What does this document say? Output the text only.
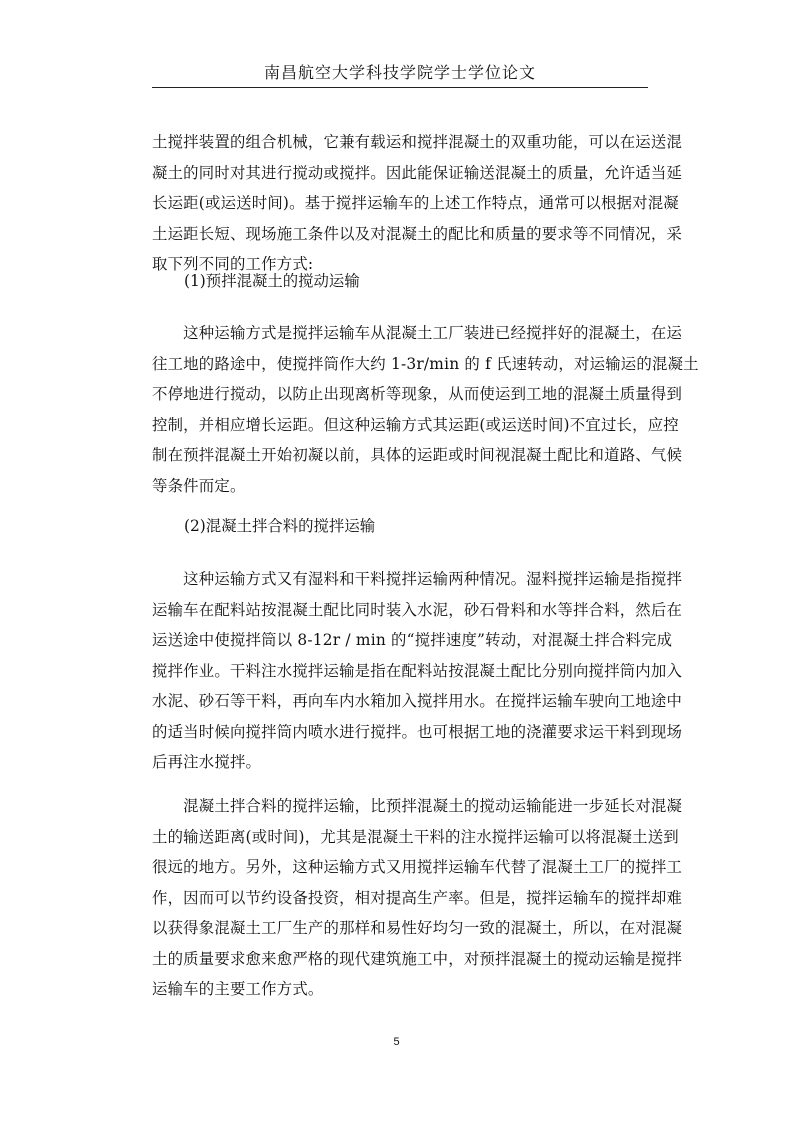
南昌航空大学科技学院学士学位论文

土搅拌装置的组合机械，它兼有载运和搅拌混凝土的双重功能，可以在运送混
凝土的同时对其进行搅动或搅拌。因此能保证输送混凝土的质量，允许适当延
长运距(或运送时间)。基于搅拌运输车的上述工作特点，通常可以根据对混凝
土运距长短、现场施工条件以及对混凝土的配比和质量的要求等不同情况，采
取下列不同的工作方式:

(1)预拌混凝土的搅动运输

　　这种运输方式是搅拌运输车从混凝土工厂装进已经搅拌好的混凝土，在运
往工地的路途中，使搅拌筒作大约 1-3r/min 的 f 氏速转动，对运输运的混凝土
不停地进行搅动，以防止出现离析等现象，从而使运到工地的混凝土质量得到
控制，并相应增长运距。但这种运输方式其运距(或运送时间)不宜过长，应控
制在预拌混凝土开始初凝以前，具体的运距或时间视混凝土配比和道路、气候
等条件而定。

(2)混凝土拌合料的搅拌运输

　　这种运输方式又有湿料和干料搅拌运输两种情况。湿料搅拌运输是指搅拌
运输车在配料站按混凝土配比同时装入水泥，砂石骨料和水等拌合料，然后在
运送途中使搅拌筒以 8-12r / min 的“搅拌速度”转动，对混凝土拌合料完成
搅拌作业。干料注水搅拌运输是指在配料站按混凝土配比分别向搅拌筒内加入
水泥、砂石等干料，再向车内水箱加入搅拌用水。在搅拌运输车驶向工地途中
的适当时候向搅拌筒内喷水进行搅拌。也可根据工地的浇灌要求运干料到现场
后再注水搅拌。

　　混凝土拌合料的搅拌运输，比预拌混凝土的搅动运输能进一步延长对混凝
土的输送距离(或时间)，尤其是混凝土干料的注水搅拌运输可以将混凝土送到
很远的地方。另外，这种运输方式又用搅拌运输车代替了混凝土工厂的搅拌工
作，因而可以节约设备投资，相对提高生产率。但是，搅拌运输车的搅拌却难
以获得象混凝土工厂生产的那样和易性好均匀一致的混凝土，所以，在对混凝
土的质量要求愈来愈严格的现代建筑施工中，对预拌混凝土的搅动运输是搅拌
运输车的主要工作方式。

5
